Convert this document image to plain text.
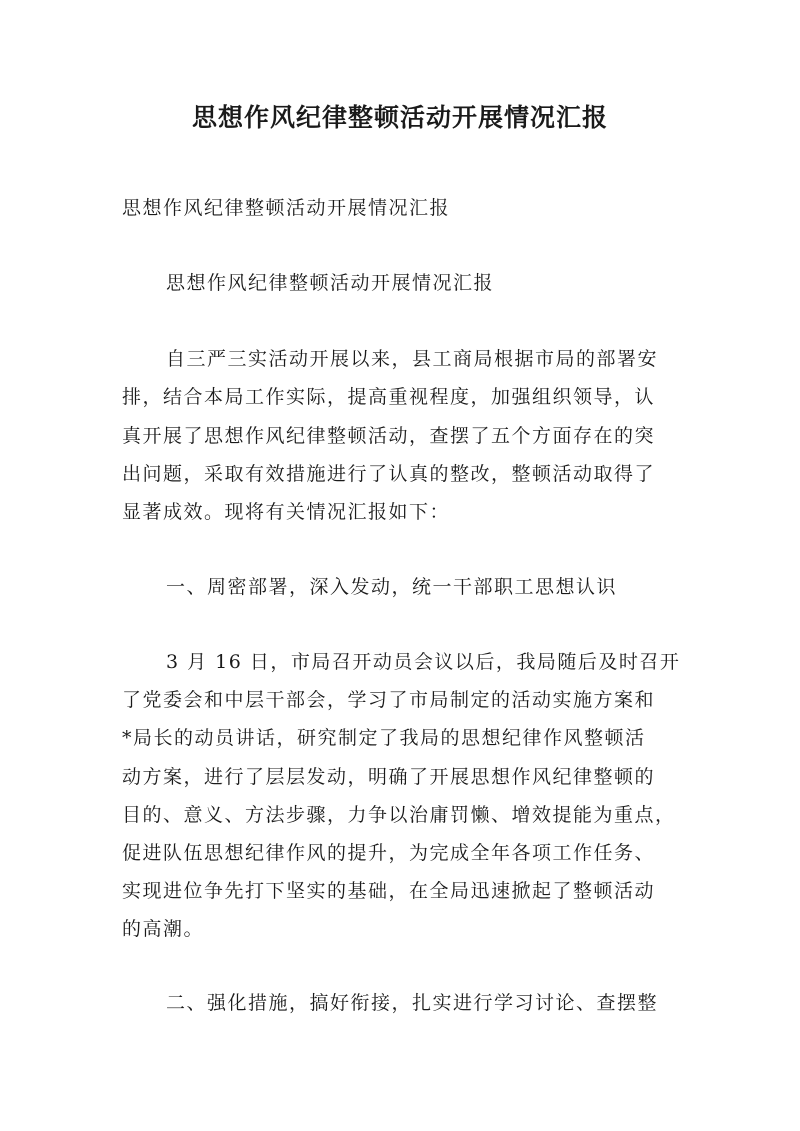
思想作风纪律整顿活动开展情况汇报

思想作风纪律整顿活动开展情况汇报

思想作风纪律整顿活动开展情况汇报

自三严三实活动开展以来，县工商局根据市局的部署安

排，结合本局工作实际，提高重视程度，加强组织领导，认

真开展了思想作风纪律整顿活动，查摆了五个方面存在的突

出问题，采取有效措施进行了认真的整改，整顿活动取得了

显著成效。现将有关情况汇报如下：

一、周密部署，深入发动，统一干部职工思想认识

3 月 16 日，市局召开动员会议以后，我局随后及时召开

了党委会和中层干部会，学习了市局制定的活动实施方案和

*局长的动员讲话，研究制定了我局的思想纪律作风整顿活

动方案，进行了层层发动，明确了开展思想作风纪律整顿的

目的、意义、方法步骤，力争以治庸罚懒、增效提能为重点，

促进队伍思想纪律作风的提升，为完成全年各项工作任务、

实现进位争先打下坚实的基础，在全局迅速掀起了整顿活动

的高潮。

二、强化措施，搞好衔接，扎实进行学习讨论、查摆整
